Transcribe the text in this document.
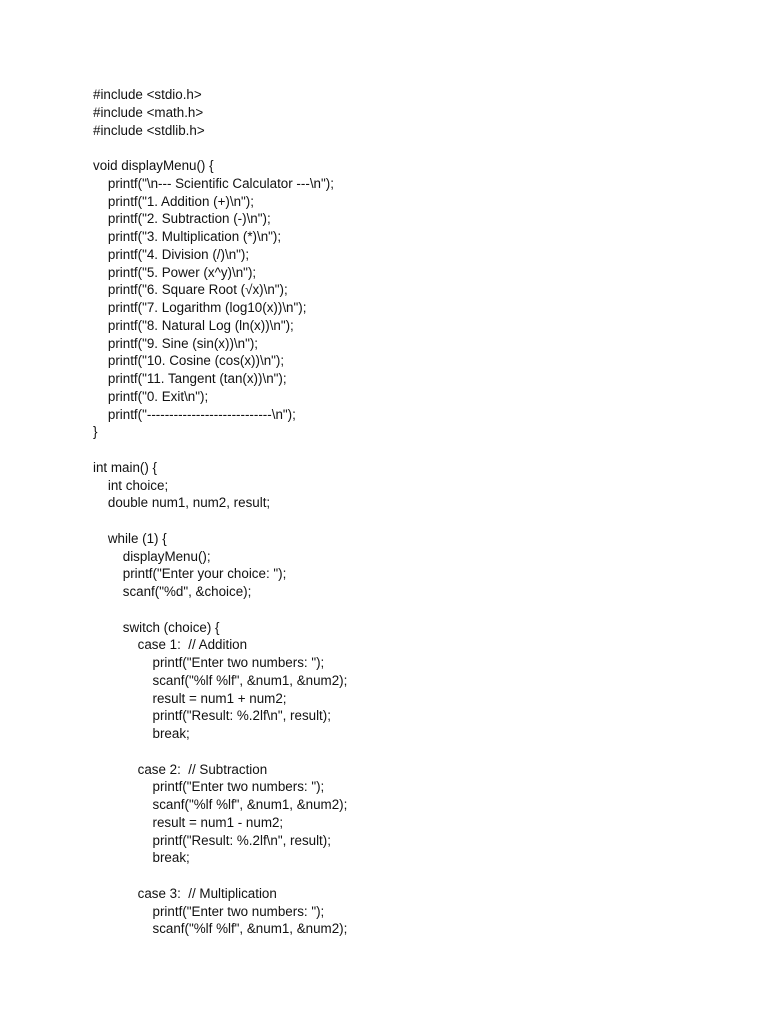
#include <stdio.h>
#include <math.h>
#include <stdlib.h>
void displayMenu() {
printf("\n--- Scientific Calculator ---\n");
printf("1. Addition (+)\n");
printf("2. Subtraction (-)\n");
printf("3. Multiplication (*)\n");
printf("4. Division (/)\n");
printf("5. Power (x^y)\n");
printf("6. Square Root (√x)\n");
printf("7. Logarithm (log10(x))\n");
printf("8. Natural Log (ln(x))\n");
printf("9. Sine (sin(x))\n");
printf("10. Cosine (cos(x))\n");
printf("11. Tangent (tan(x))\n");
printf("0. Exit\n");
printf("----------------------------\n");
}
int main() {
int choice;
double num1, num2, result;
while (1) {
displayMenu();
printf("Enter your choice: ");
scanf("%d", &choice);
switch (choice) {
case 1:  // Addition
printf("Enter two numbers: ");
scanf("%lf %lf", &num1, &num2);
result = num1 + num2;
printf("Result: %.2lf\n", result);
break;
case 2:  // Subtraction
printf("Enter two numbers: ");
scanf("%lf %lf", &num1, &num2);
result = num1 - num2;
printf("Result: %.2lf\n", result);
break;
case 3:  // Multiplication
printf("Enter two numbers: ");
scanf("%lf %lf", &num1, &num2);
